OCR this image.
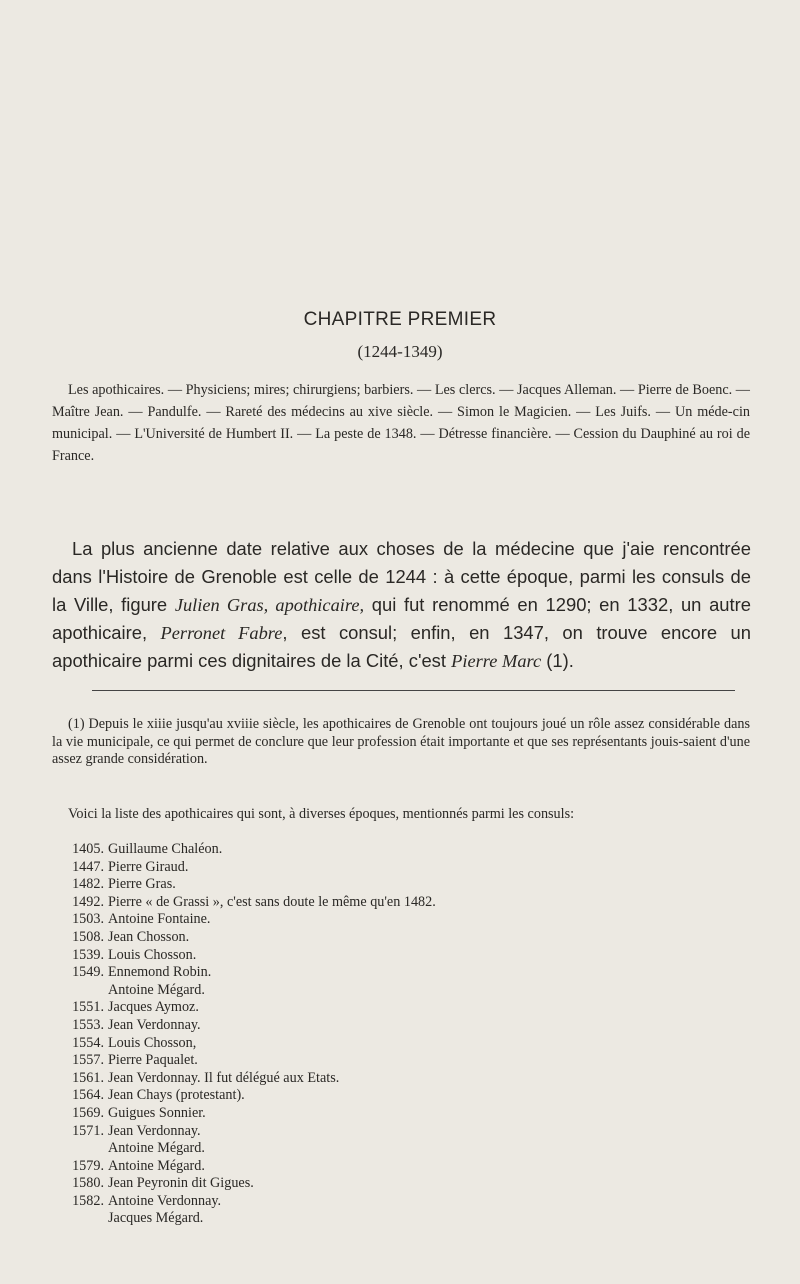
CHAPITRE PREMIER

(1244-1349)

Les apothicaires. — Physiciens; mires; chirurgiens; barbiers. — Les clercs. — Jacques Alleman. — Pierre de Boenc. — Maître Jean. — Pandulfe. — Rareté des médecins au xive siècle. — Simon le Magicien. — Les Juifs. — Un méde-cin municipal. — L'Université de Humbert II. — La peste de 1348. — Détresse financière. — Cession du Dauphiné au roi de France.

La plus ancienne date relative aux choses de la médecine que j'aie rencontrée dans l'Histoire de Grenoble est celle de 1244 : à cette époque, parmi les consuls de la Ville, figure Julien Gras, apothicaire, qui fut renommé en 1290; en 1332, un autre apothicaire, Perronet Fabre, est consul; enfin, en 1347, on trouve encore un apothicaire parmi ces dignitaires de la Cité, c'est Pierre Marc (1).

(1) Depuis le xiiie jusqu'au xviiie siècle, les apothicaires de Grenoble ont toujours joué un rôle assez considérable dans la vie municipale, ce qui permet de conclure que leur profession était importante et que ses représentants jouis-saient d'une assez grande considération.

Voici la liste des apothicaires qui sont, à diverses époques, mentionnés parmi les consuls:

1405. Guillaume Chaléon.
1447. Pierre Giraud.
1482. Pierre Gras.
1492. Pierre « de Grassi », c'est sans doute le même qu'en 1482.
1503. Antoine Fontaine.
1508. Jean Chosson.
1539. Louis Chosson.
1549. Ennemond Robin.
Antoine Mégard.
1551. Jacques Aymoz.
1553. Jean Verdonnay.
1554. Louis Chosson,
1557. Pierre Paqualet.
1561. Jean Verdonnay. Il fut délégué aux Etats.
1564. Jean Chays (protestant).
1569. Guigues Sonnier.
1571. Jean Verdonnay.
Antoine Mégard.
1579. Antoine Mégard.
1580. Jean Peyronin dit Gigues.
1582. Antoine Verdonnay.
Jacques Mégard.
